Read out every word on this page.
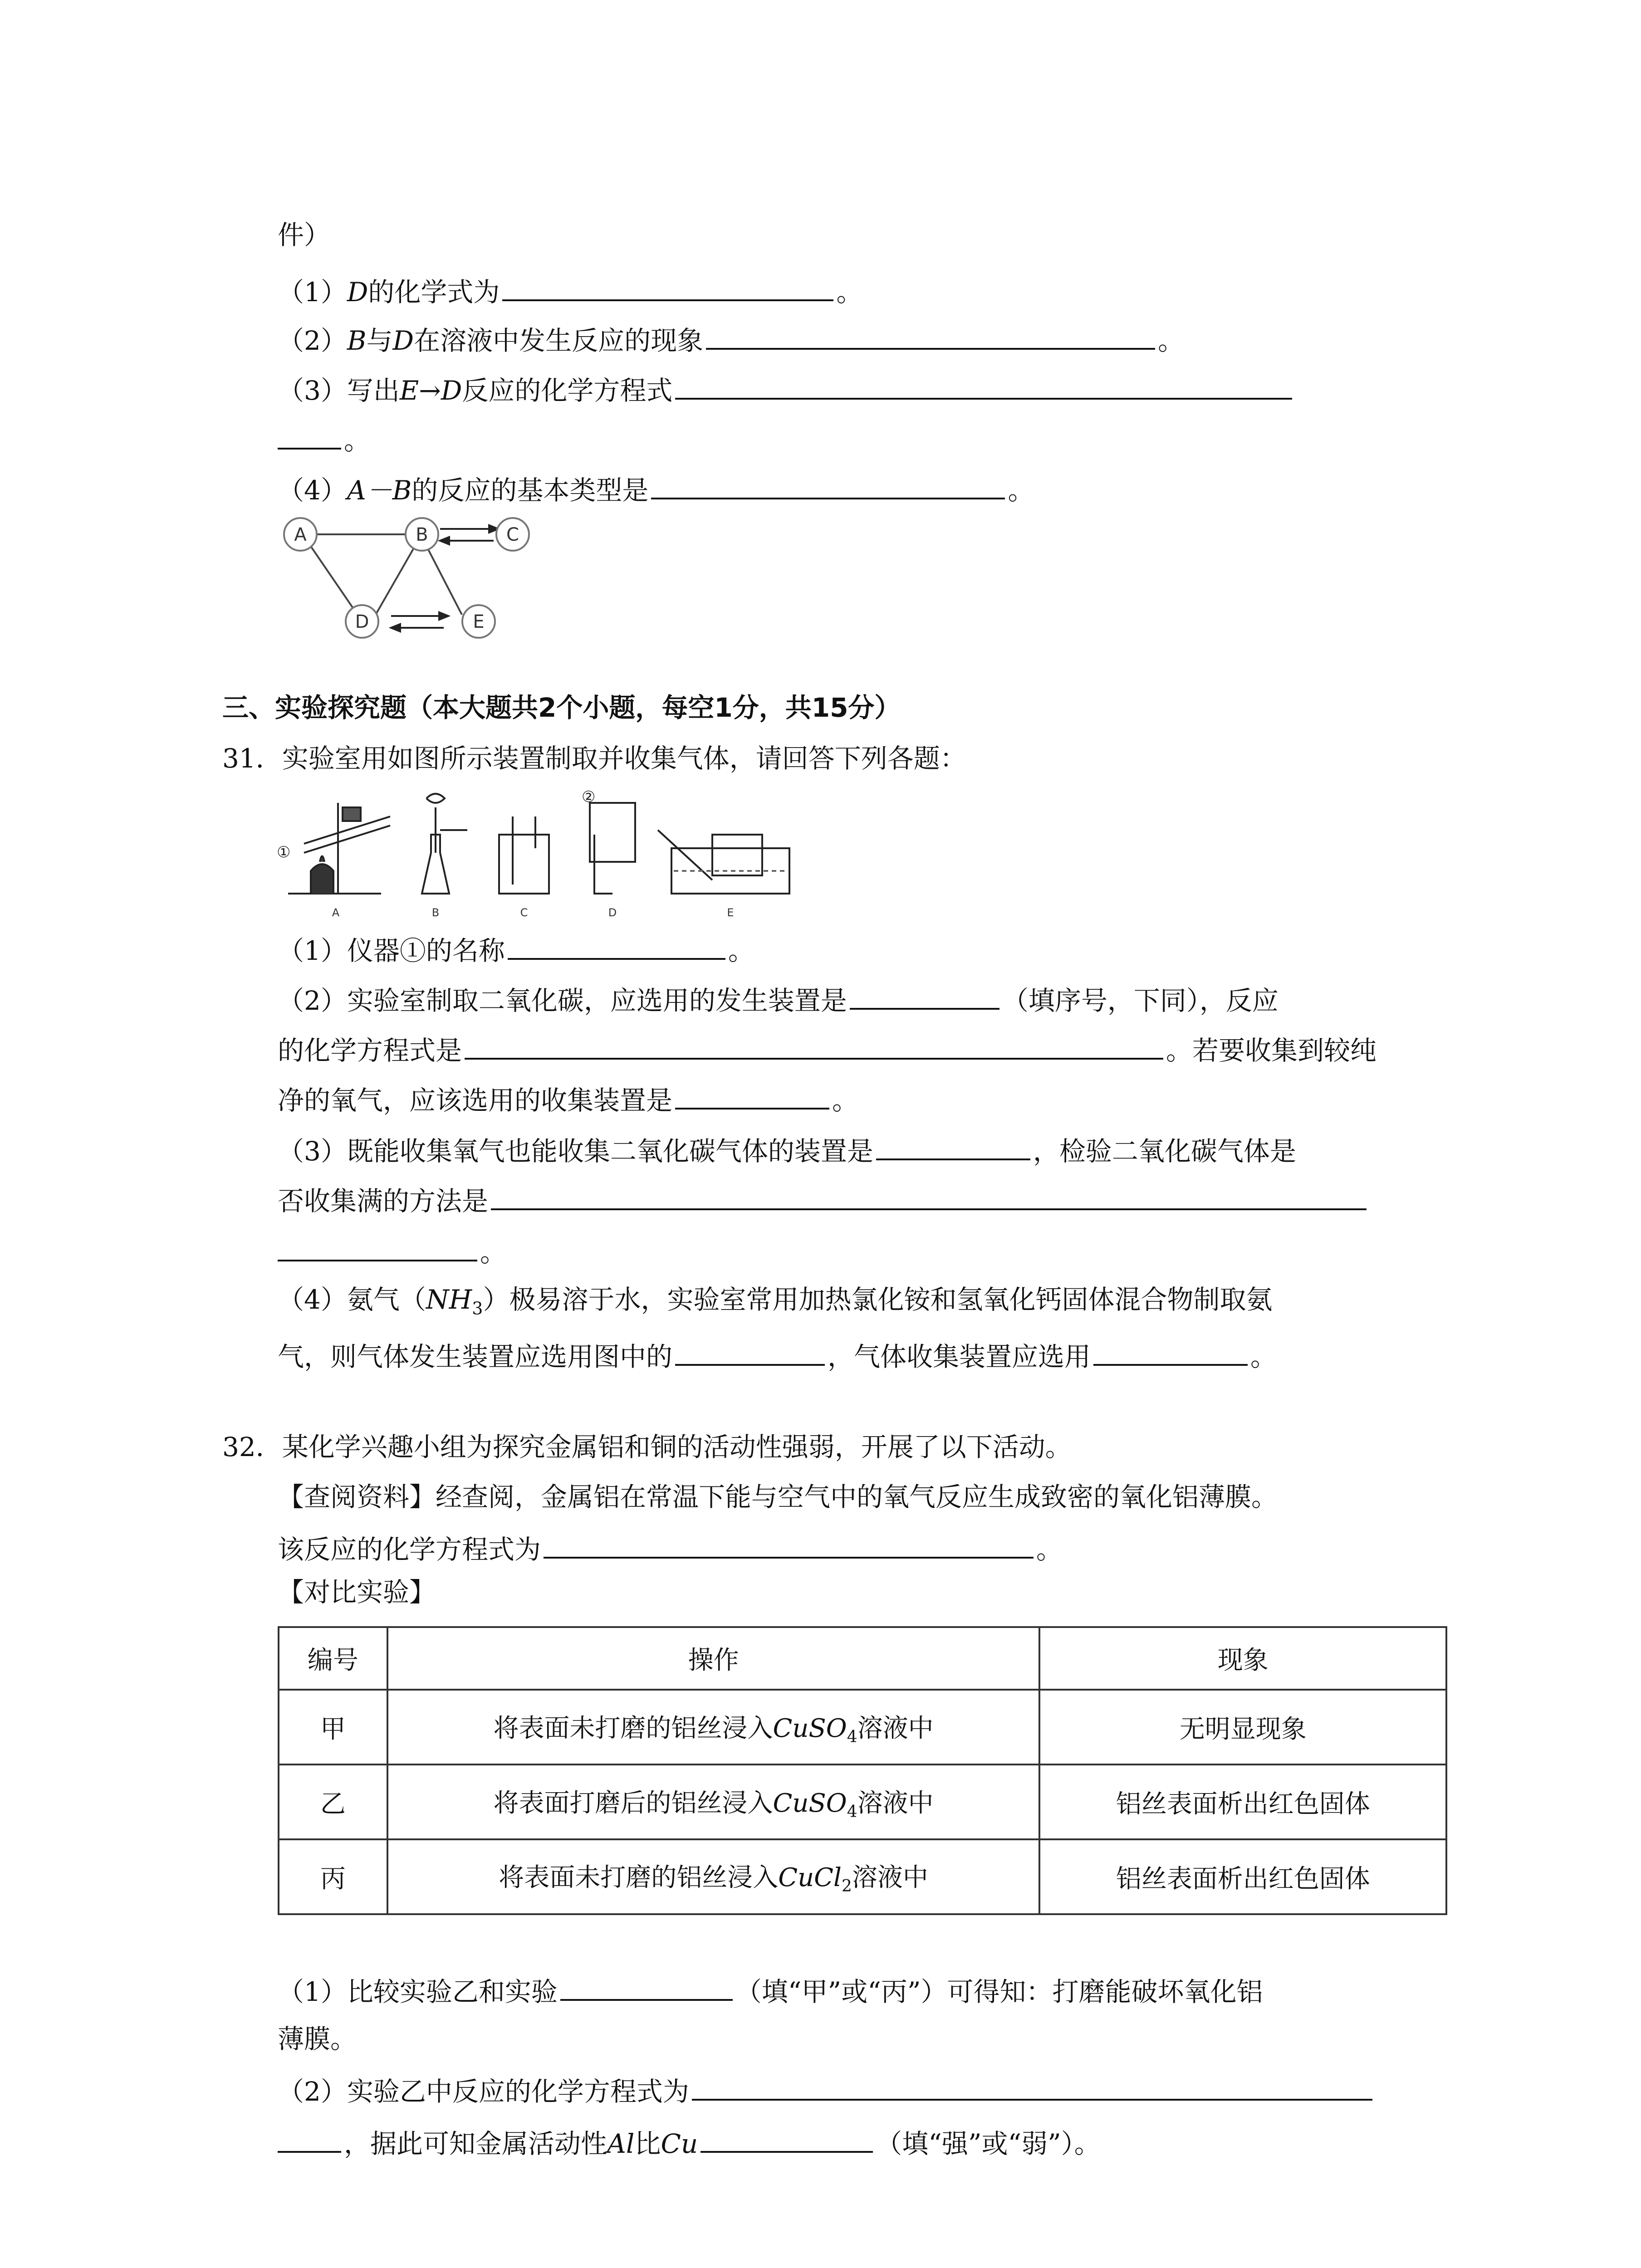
件）
（1）D的化学式为	。
（2）B与D在溶液中发生反应的现象	。
（3）写出E→D反应的化学方程式
。
（4）A－B的反应的基本类型是	。
A	B	C
D	E
三、实验探究题（本大题共2个小题，每空1分，共15分）
31．实验室用如图所示装置制取并收集气体，请回答下列各题：
①
②
A	B	C	D	E
（1）仪器①的名称	。
（2）实验室制取二氧化碳，应选用的发生装置是	（填序号，下同），反应
的化学方程式是	。若要收集到较纯
净的氧气，应该选用的收集装置是	。
（3）既能收集氧气也能收集二氧化碳气体的装置是	，检验二氧化碳气体是
否收集满的方法是
。
（4）氨气$(NH_3)$极易溶于水，实验室常用加热氯化铵和氢氧化钙固体混合物制取氨
气，则气体发生装置应选用图中的	，气体收集装置应选用	。
32．某化学兴趣小组为探究金属铝和铜的活动性强弱，开展了以下活动。
【查阅资料】经查阅，金属铝在常温下能与空气中的氧气反应生成致密的氧化铝薄膜。
该反应的化学方程式为	。
【对比实验】
编号	操作	现象
甲	将表面未打磨的铝丝浸入CuSO$_4$溶液中	无明显现象
乙	将表面打磨后的铝丝浸入CuSO$_4$溶液中	铝丝表面析出红色固体
丙	将表面未打磨的铝丝浸入CuCl$_2$溶液中	铝丝表面析出红色固体
（1）比较实验乙和实验	（填“甲”或“丙”）可得知：打磨能破坏氧化铝
薄膜。
（2）实验乙中反应的化学方程式为
，据此可知金属活动性Al比Cu	（填“强”或“弱”）。
